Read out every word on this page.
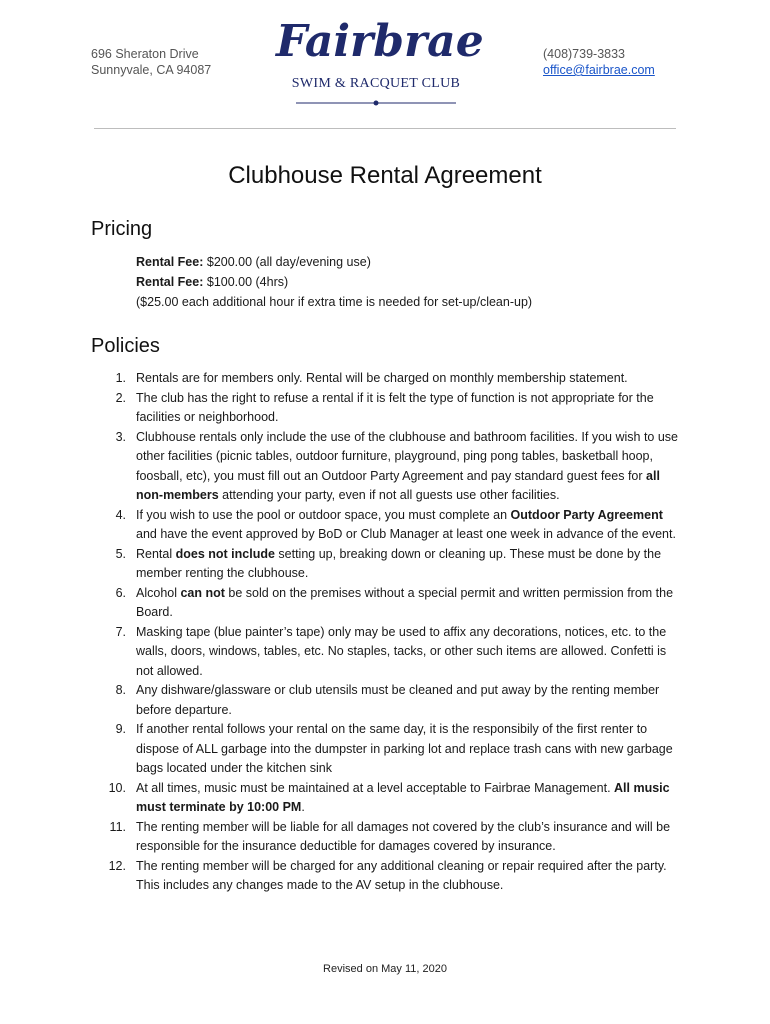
696 Sheraton Drive
Sunnyvale, CA 94087
Fairbrae
SWIM & RACQUET CLUB
(408)739-3833
office@fairbrae.com
Clubhouse Rental Agreement
Pricing
Rental Fee: $200.00 (all day/evening use)
Rental Fee: $100.00 (4hrs)
($25.00 each additional hour if extra time is needed for set-up/clean-up)
Policies
1. Rentals are for members only. Rental will be charged on monthly membership statement.
2. The club has the right to refuse a rental if it is felt the type of function is not appropriate for the facilities or neighborhood.
3. Clubhouse rentals only include the use of the clubhouse and bathroom facilities. If you wish to use other facilities (picnic tables, outdoor furniture, playground, ping pong tables, basketball hoop, foosball, etc), you must fill out an Outdoor Party Agreement and pay standard guest fees for all non-members attending your party, even if not all guests use other facilities.
4. If you wish to use the pool or outdoor space, you must complete an Outdoor Party Agreement and have the event approved by BoD or Club Manager at least one week in advance of the event.
5. Rental does not include setting up, breaking down or cleaning up. These must be done by the member renting the clubhouse.
6. Alcohol can not be sold on the premises without a special permit and written permission from the Board.
7. Masking tape (blue painter’s tape) only may be used to affix any decorations, notices, etc. to the walls, doors, windows, tables, etc. No staples, tacks, or other such items are allowed. Confetti is not allowed.
8. Any dishware/glassware or club utensils must be cleaned and put away by the renting member before departure.
9. If another rental follows your rental on the same day, it is the responsibily of the first renter to dispose of ALL garbage into the dumpster in parking lot and replace trash cans with new garbage bags located under the kitchen sink
10. At all times, music must be maintained at a level acceptable to Fairbrae Management. All music must terminate by 10:00 PM.
11. The renting member will be liable for all damages not covered by the club’s insurance and will be responsible for the insurance deductible for damages covered by insurance.
12. The renting member will be charged for any additional cleaning or repair required after the party. This includes any changes made to the AV setup in the clubhouse.
Revised on May 11, 2020
